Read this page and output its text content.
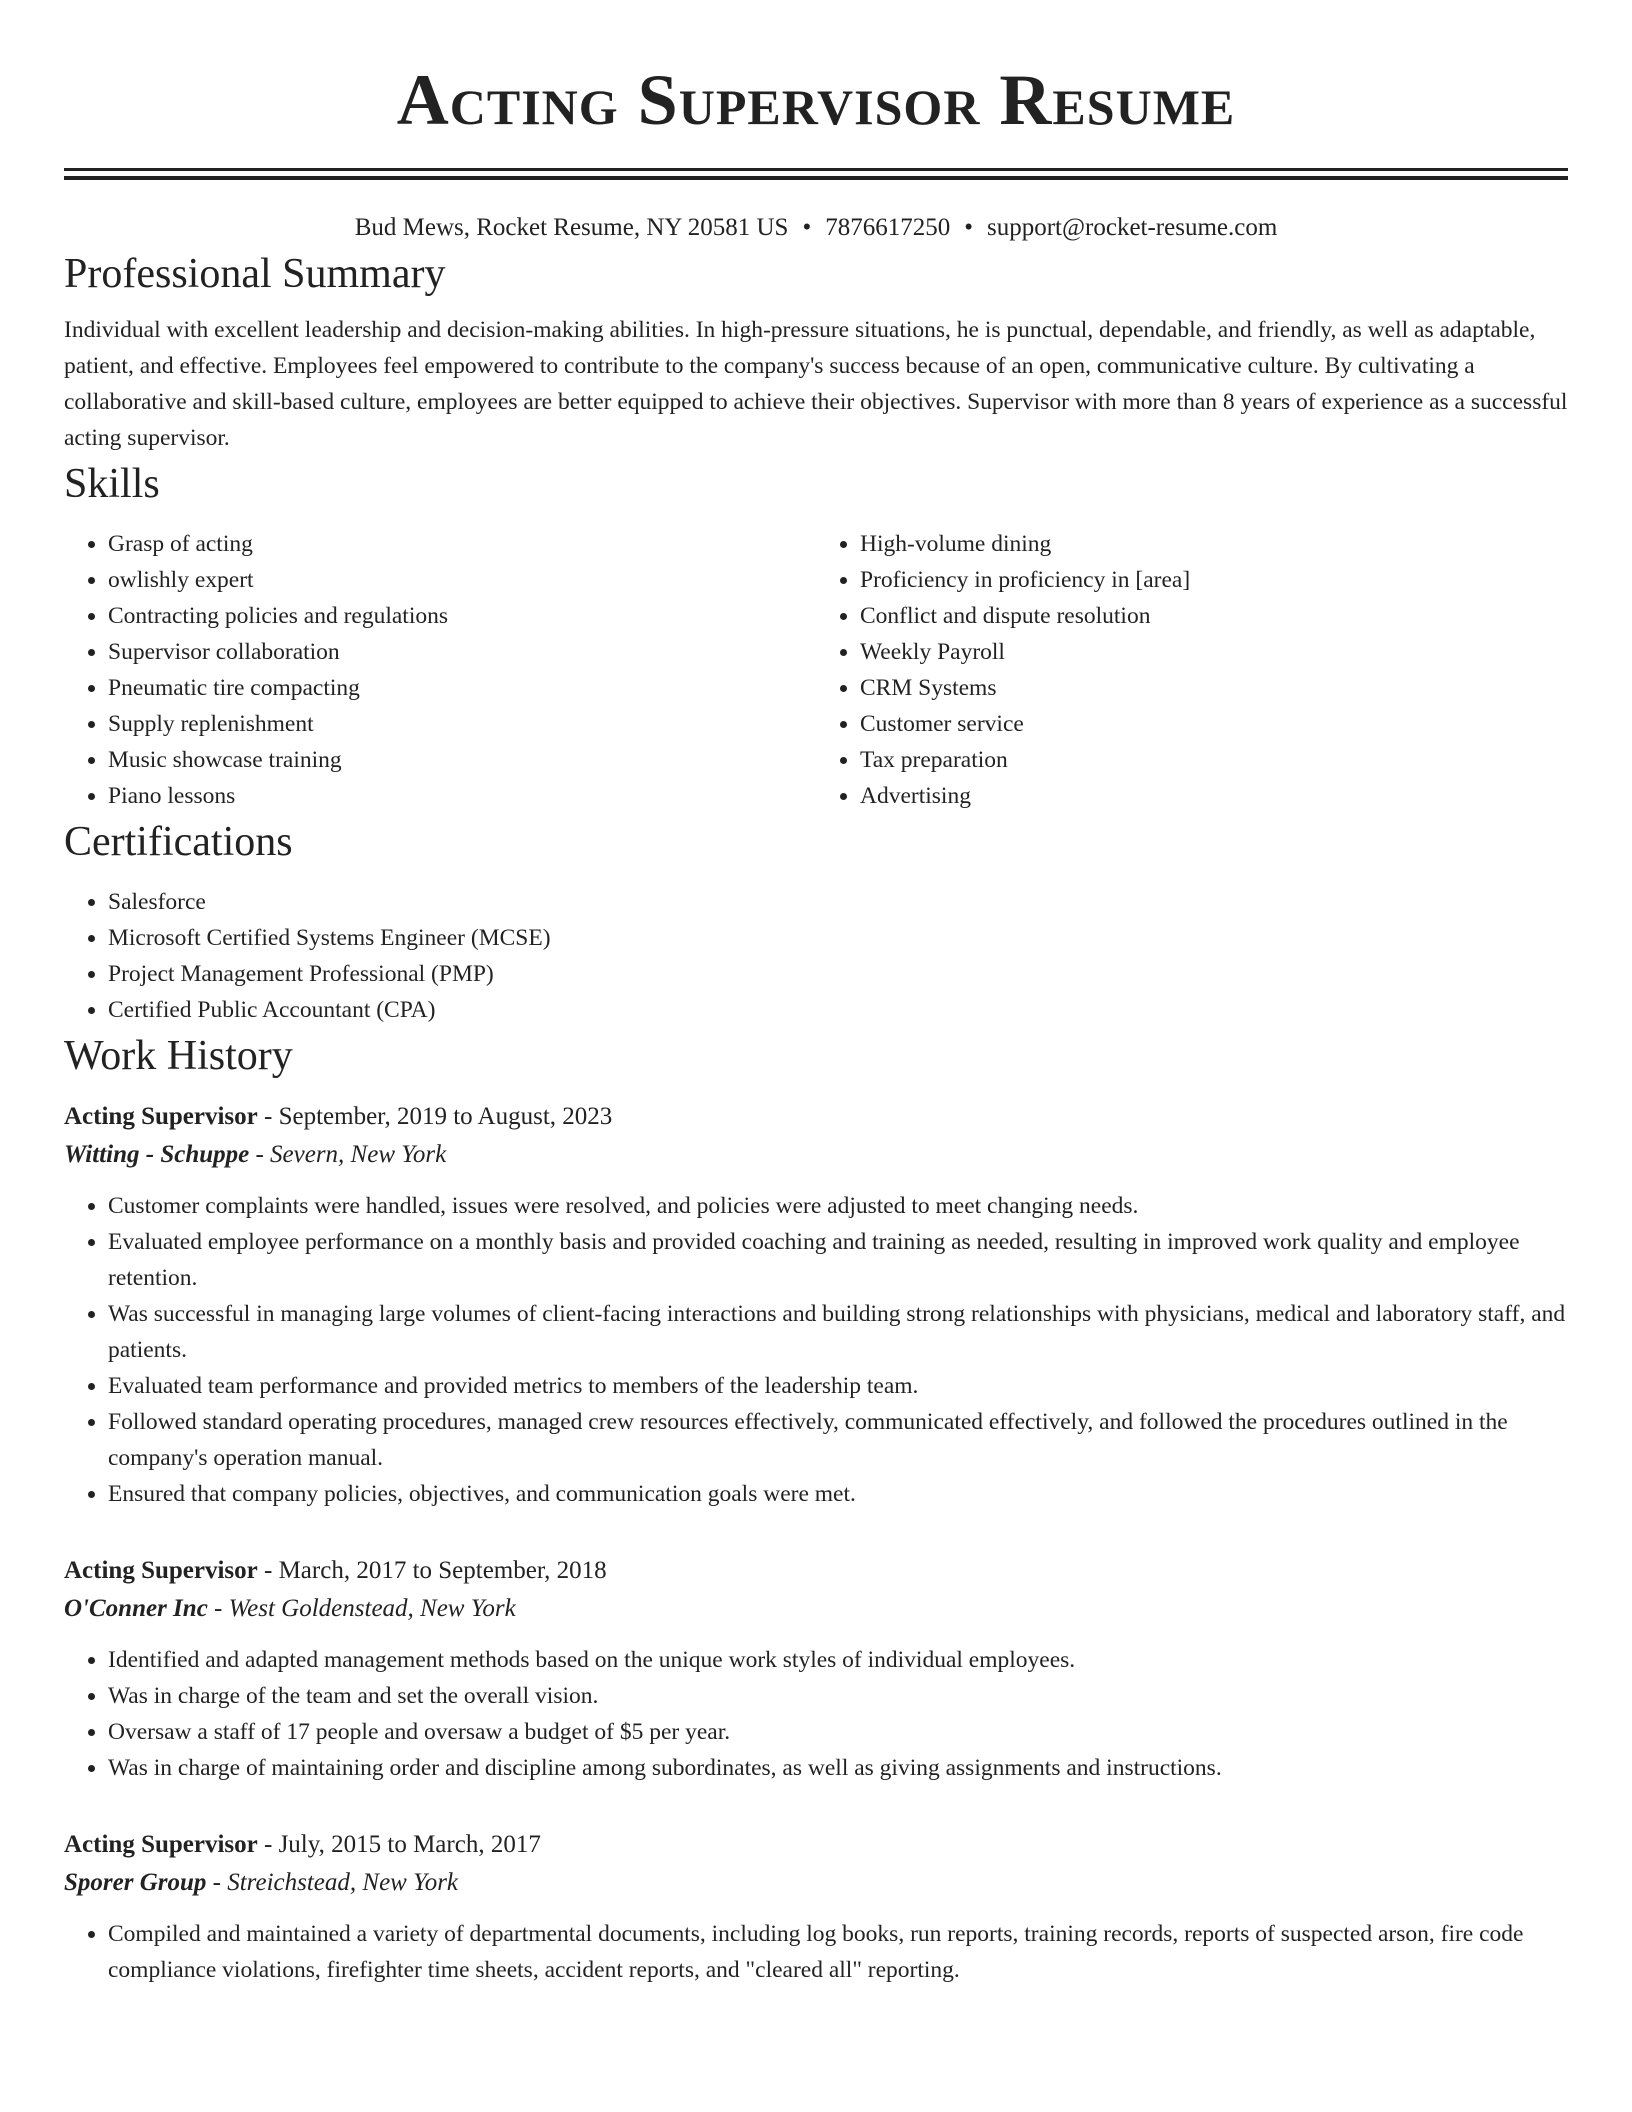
Acting Supervisor Resume
Bud Mews, Rocket Resume, NY 20581 US • 7876617250 • support@rocket-resume.com
Professional Summary

Individual with excellent leadership and decision-making abilities. In high-pressure situations, he is punctual, dependable, and friendly, as well as adaptable, patient, and effective. Employees feel empowered to contribute to the company's success because of an open, communicative culture. By cultivating a collaborative and skill-based culture, employees are better equipped to achieve their objectives. Supervisor with more than 8 years of experience as a successful acting supervisor.

Skills
• Grasp of acting
• owlishly expert
• Contracting policies and regulations
• Supervisor collaboration
• Pneumatic tire compacting
• Supply replenishment
• Music showcase training
• Piano lessons
• High-volume dining
• Proficiency in proficiency in [area]
• Conflict and dispute resolution
• Weekly Payroll
• CRM Systems
• Customer service
• Tax preparation
• Advertising
Certifications
• Salesforce
• Microsoft Certified Systems Engineer (MCSE)
• Project Management Professional (PMP)
• Certified Public Accountant (CPA)
Work History
Acting Supervisor - September, 2019 to August, 2023
Witting - Schuppe - Severn, New York
• Customer complaints were handled, issues were resolved, and policies were adjusted to meet changing needs.
• Evaluated employee performance on a monthly basis and provided coaching and training as needed, resulting in improved work quality and employee retention.
• Was successful in managing large volumes of client-facing interactions and building strong relationships with physicians, medical and laboratory staff, and patients.
• Evaluated team performance and provided metrics to members of the leadership team.
• Followed standard operating procedures, managed crew resources effectively, communicated effectively, and followed the procedures outlined in the company's operation manual.
• Ensured that company policies, objectives, and communication goals were met.
Acting Supervisor - March, 2017 to September, 2018
O'Conner Inc - West Goldenstead, New York
• Identified and adapted management methods based on the unique work styles of individual employees.
• Was in charge of the team and set the overall vision.
• Oversaw a staff of 17 people and oversaw a budget of $5 per year.
• Was in charge of maintaining order and discipline among subordinates, as well as giving assignments and instructions.
Acting Supervisor - July, 2015 to March, 2017
Sporer Group - Streichstead, New York
• Compiled and maintained a variety of departmental documents, including log books, run reports, training records, reports of suspected arson, fire code compliance violations, firefighter time sheets, accident reports, and "cleared all" reporting.
